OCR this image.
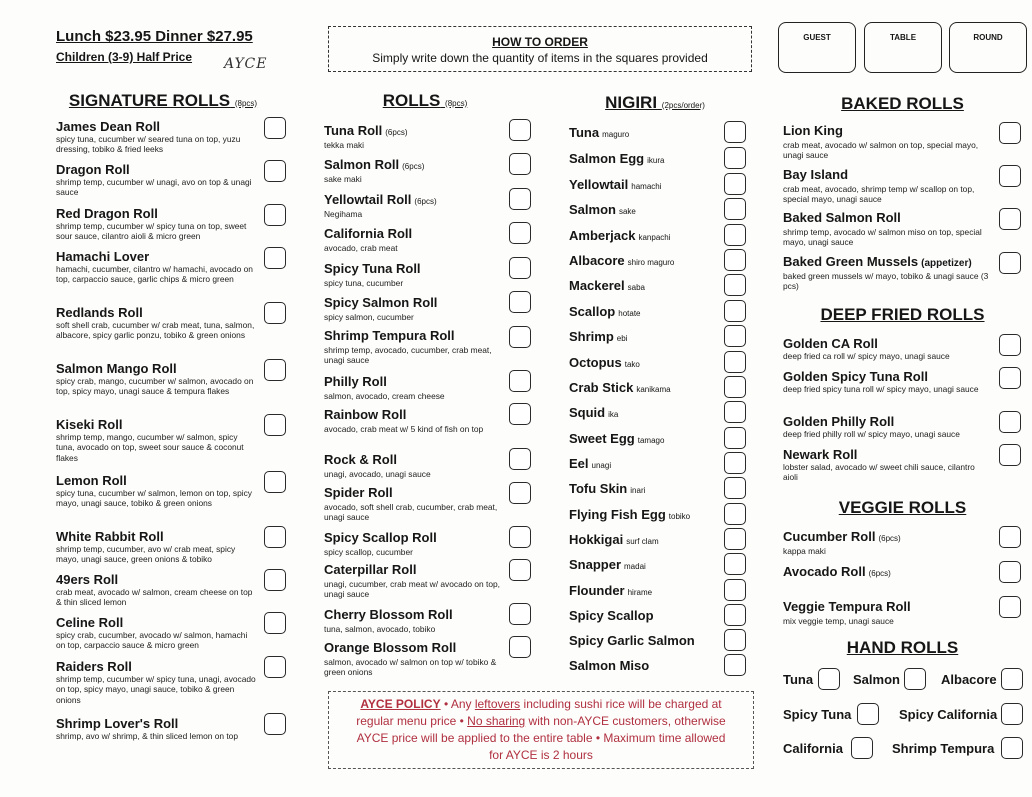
Lunch $23.95 Dinner $27.95
Children (3-9) Half Price AYCE
HOW TO ORDER
Simply write down the quantity of items in the squares provided
GUEST	TABLE	ROUND
SIGNATURE ROLLS (8pcs)	ROLLS (8pcs)	NIGIRI (2pcs/order)	BAKED ROLLS
DEEP FRIED ROLLS
VEGGIE ROLLS
HAND ROLLS
James Dean Roll
spicy tuna, cucumber w/ seared tuna on top, yuzu dressing, tobiko & fried leeks
Dragon Roll
shrimp temp, cucumber w/ unagi, avo on top & unagi sauce
Red Dragon Roll
shrimp temp, cucumber w/ spicy tuna on top, sweet sour sauce, cilantro aioli & micro green
Hamachi Lover
hamachi, cucumber, cilantro w/ hamachi, avocado on top, carpaccio sauce, garlic chips & micro green
Redlands Roll
soft shell crab, cucumber w/ crab meat, tuna, salmon, albacore, spicy garlic ponzu, tobiko & green onions
Salmon Mango Roll
spicy crab, mango, cucumber w/ salmon, avocado on top, spicy mayo, unagi sauce & tempura flakes
Kiseki Roll
shrimp temp, mango, cucumber w/ salmon, spicy tuna, avocado on top, sweet sour sauce & coconut flakes
Lemon Roll
spicy tuna, cucumber w/ salmon, lemon on top, spicy mayo, unagi sauce, tobiko & green onions
White Rabbit Roll
shrimp temp, cucumber, avo w/ crab meat, spicy mayo, unagi sauce, green onions & tobiko
49ers Roll
crab meat, avocado w/ salmon, cream cheese on top & thin sliced lemon
Celine Roll
spicy crab, cucumber, avocado w/ salmon, hamachi on top, carpaccio sauce & micro green
Raiders Roll
shrimp temp, cucumber w/ spicy tuna, unagi, avocado on top, spicy mayo, unagi sauce, tobiko & green onions
Shrimp Lover's Roll
shrimp, avo w/ shrimp, & thin sliced lemon on top
Tuna Roll (6pcs)
tekka maki
Salmon Roll (6pcs)
sake maki
Yellowtail Roll (6pcs)
Negihama
California Roll
avocado, crab meat
Spicy Tuna Roll
spicy tuna, cucumber
Spicy Salmon Roll
spicy salmon, cucumber
Shrimp Tempura Roll
shrimp temp, avocado, cucumber, crab meat, unagi sauce
Philly Roll
salmon, avocado, cream cheese
Rainbow Roll
avocado, crab meat w/ 5 kind of fish on top
Rock & Roll
unagi, avocado, unagi sauce
Spider Roll
avocado, soft shell crab, cucumber, crab meat, unagi sauce
Spicy Scallop Roll
spicy scallop, cucumber
Caterpillar Roll
unagi, cucumber, crab meat w/ avocado on top, unagi sauce
Cherry Blossom Roll
tuna, salmon, avocado, tobiko
Orange Blossom Roll
salmon, avocado w/ salmon on top w/ tobiko & green onions
Tuna maguro
Salmon Egg ikura
Yellowtail hamachi
Salmon sake
Amberjack kanpachi
Albacore shiro maguro
Mackerel saba
Scallop hotate
Shrimp ebi
Octopus tako
Crab Stick kanikama
Squid ika
Sweet Egg tamago
Eel unagi
Tofu Skin inari
Flying Fish Egg tobiko
Hokkigai surf clam
Snapper madai
Flounder hirame
Spicy Scallop
Spicy Garlic Salmon
Salmon Miso
Lion King
crab meat, avocado w/ salmon on top, special mayo, unagi sauce
Bay Island
crab meat, avocado, shrimp temp w/ scallop on top, special mayo, unagi sauce
Baked Salmon Roll
shrimp temp, avocado w/ salmon miso on top, special mayo, unagi sauce
Baked Green Mussels (appetizer)
baked green mussels w/ mayo, tobiko & unagi sauce (3 pcs)
Golden CA Roll
deep fried ca roll w/ spicy mayo, unagi sauce
Golden Spicy Tuna Roll
deep fried spicy tuna roll w/ spicy mayo, unagi sauce
Golden Philly Roll
deep fried philly roll w/ spicy mayo, unagi sauce
Newark Roll
lobster salad, avocado w/ sweet chili sauce, cilantro aioli
Cucumber Roll (6pcs)
kappa maki
Avocado Roll (6pcs)
Veggie Tempura Roll
mix veggie temp, unagi sauce
Tuna	Salmon	Albacore
Spicy Tuna	Spicy California
California	Shrimp Tempura
AYCE POLICY • Any leftovers including sushi rice will be charged at
regular menu price • No sharing with non-AYCE customers, otherwise
AYCE price will be applied to the entire table • Maximum time allowed
for AYCE is 2 hours
